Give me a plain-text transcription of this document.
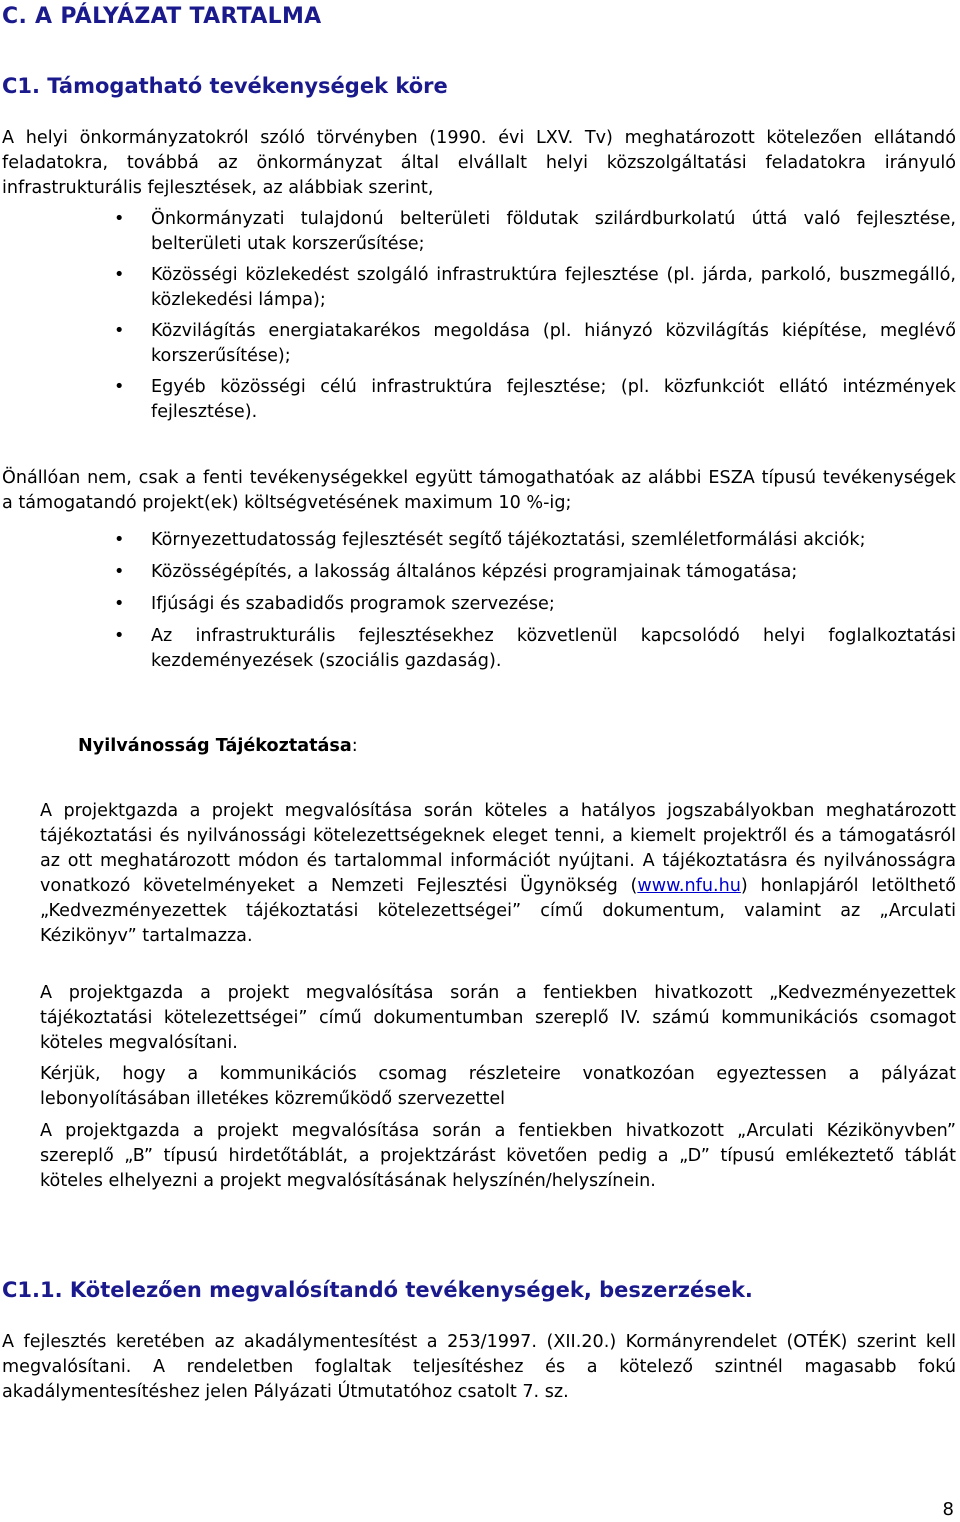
C. A PÁLYÁZAT TARTALMA
C1. Támogatható tevékenységek köre

A helyi önkormányzatokról szóló törvényben (1990. évi LXV. Tv) meghatározott kötelezően ellátandó feladatokra, továbbá az önkormányzat által elvállalt helyi közszolgáltatási feladatokra irányuló infrastrukturális fejlesztések, az alábbiak szerint,

• Önkormányzati tulajdonú belterületi földutak szilárdburkolatú úttá való fejlesztése, belterületi utak korszerűsítése;
• Közösségi közlekedést szolgáló infrastruktúra fejlesztése (pl. járda, parkoló, buszmegálló, közlekedési lámpa);
• Közvilágítás energiatakarékos megoldása (pl. hiányzó közvilágítás kiépítése, meglévő korszerűsítése);
• Egyéb közösségi célú infrastruktúra fejlesztése; (pl. közfunkciót ellátó intézmények fejlesztése).

Önállóan nem, csak a fenti tevékenységekkel együtt támogathatóak az alábbi ESZA típusú tevékenységek a támogatandó projekt(ek) költségvetésének maximum 10 %-ig;

• Környezettudatosság fejlesztését segítő tájékoztatási, szemléletformálási akciók;
• Közösségépítés, a lakosság általános képzési programjainak támogatása;
• Ifjúsági és szabadidős programok szervezése;
• Az infrastrukturális fejlesztésekhez közvetlenül kapcsolódó helyi foglalkoztatási kezdeményezések (szociális gazdaság).

Nyilvánosság Tájékoztatása:

A projektgazda a projekt megvalósítása során köteles a hatályos jogszabályokban meghatározott tájékoztatási és nyilvánossági kötelezettségeknek eleget tenni, a kiemelt projektről és a támogatásról az ott meghatározott módon és tartalommal információt nyújtani. A tájékoztatásra és nyilvánosságra vonatkozó követelményeket a Nemzeti Fejlesztési Ügynökség (www.nfu.hu) honlapjáról letölthető „Kedvezményezettek tájékoztatási kötelezettségei” című dokumentum, valamint az „Arculati Kézikönyv” tartalmazza.

A projektgazda a projekt megvalósítása során a fentiekben hivatkozott „Kedvezményezettek tájékoztatási kötelezettségei” című dokumentumban szereplő IV. számú kommunikációs csomagot köteles megvalósítani.

Kérjük, hogy a kommunikációs csomag részleteire vonatkozóan egyeztessen a pályázat lebonyolításában illetékes közreműködő szervezettel

A projektgazda a projekt megvalósítása során a fentiekben hivatkozott „Arculati Kézikönyvben” szereplő „B” típusú hirdetőtáblát, a projektzárást követően pedig a „D” típusú emlékeztető táblát köteles elhelyezni a projekt megvalósításának helyszínén/helyszínein.

C1.1. Kötelezően megvalósítandó tevékenységek, beszerzések.

A fejlesztés keretében az akadálymentesítést a 253/1997. (XII.20.) Kormányrendelet (OTÉK) szerint kell megvalósítani. A rendeletben foglaltak teljesítéshez és a kötelező szintnél magasabb fokú akadálymentesítéshez jelen Pályázati Útmutatóhoz csatolt 7. sz.

8
